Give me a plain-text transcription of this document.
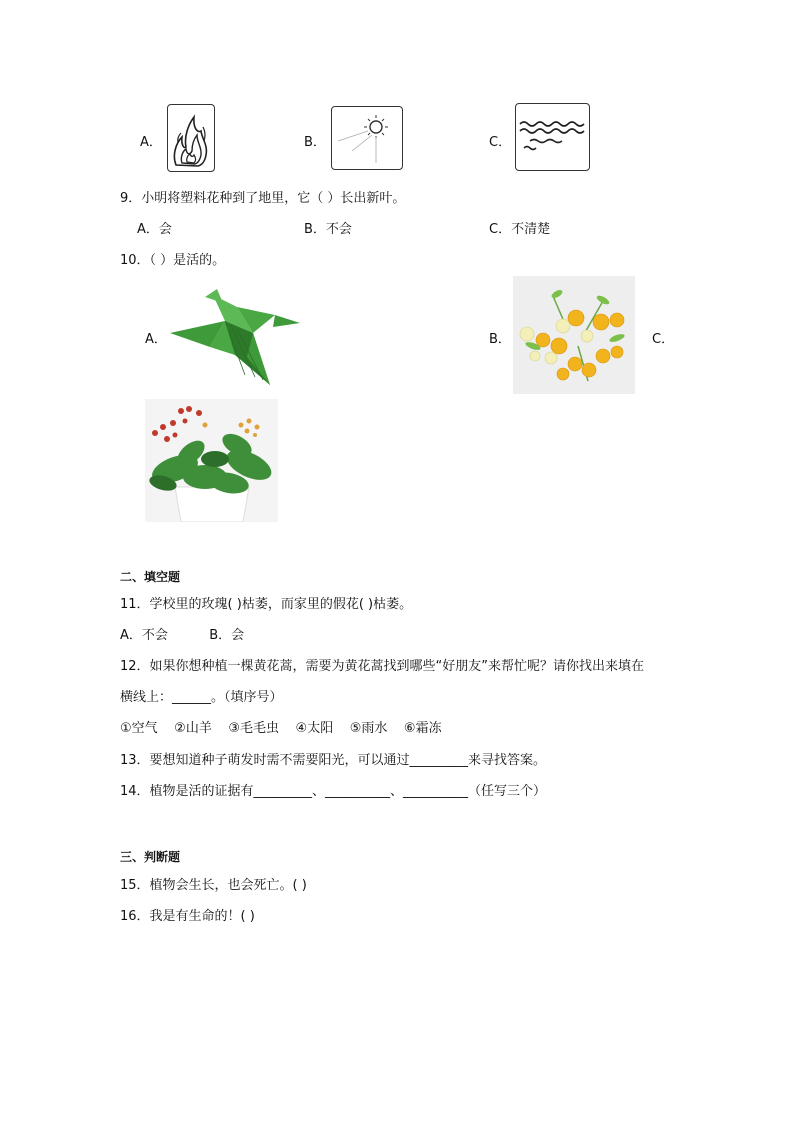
A．	B．	C．
9．小明将塑料花种到了地里，它（ ）长出新叶。
A．会	B．不会	C．不清楚
10．（ ）是活的。
A．	B．	C．
二、填空题
11．学校里的玫瑰( )枯萎，而家里的假花( )枯萎。
A．不会          B．会
12．如果你想种植一棵黄花蒿，需要为黄花蒿找到哪些“好朋友”来帮忙呢？请你找出来填在
横线上：______。（填序号）
①空气    ②山羊    ③毛毛虫    ④太阳    ⑤雨水    ⑥霜冻
13．要想知道种子萌发时需不需要阳光，可以通过_________来寻找答案。
14．植物是活的证据有_________、__________、__________（任写三个）
三、判断题
15．植物会生长，也会死亡。( )
16．我是有生命的！( )
